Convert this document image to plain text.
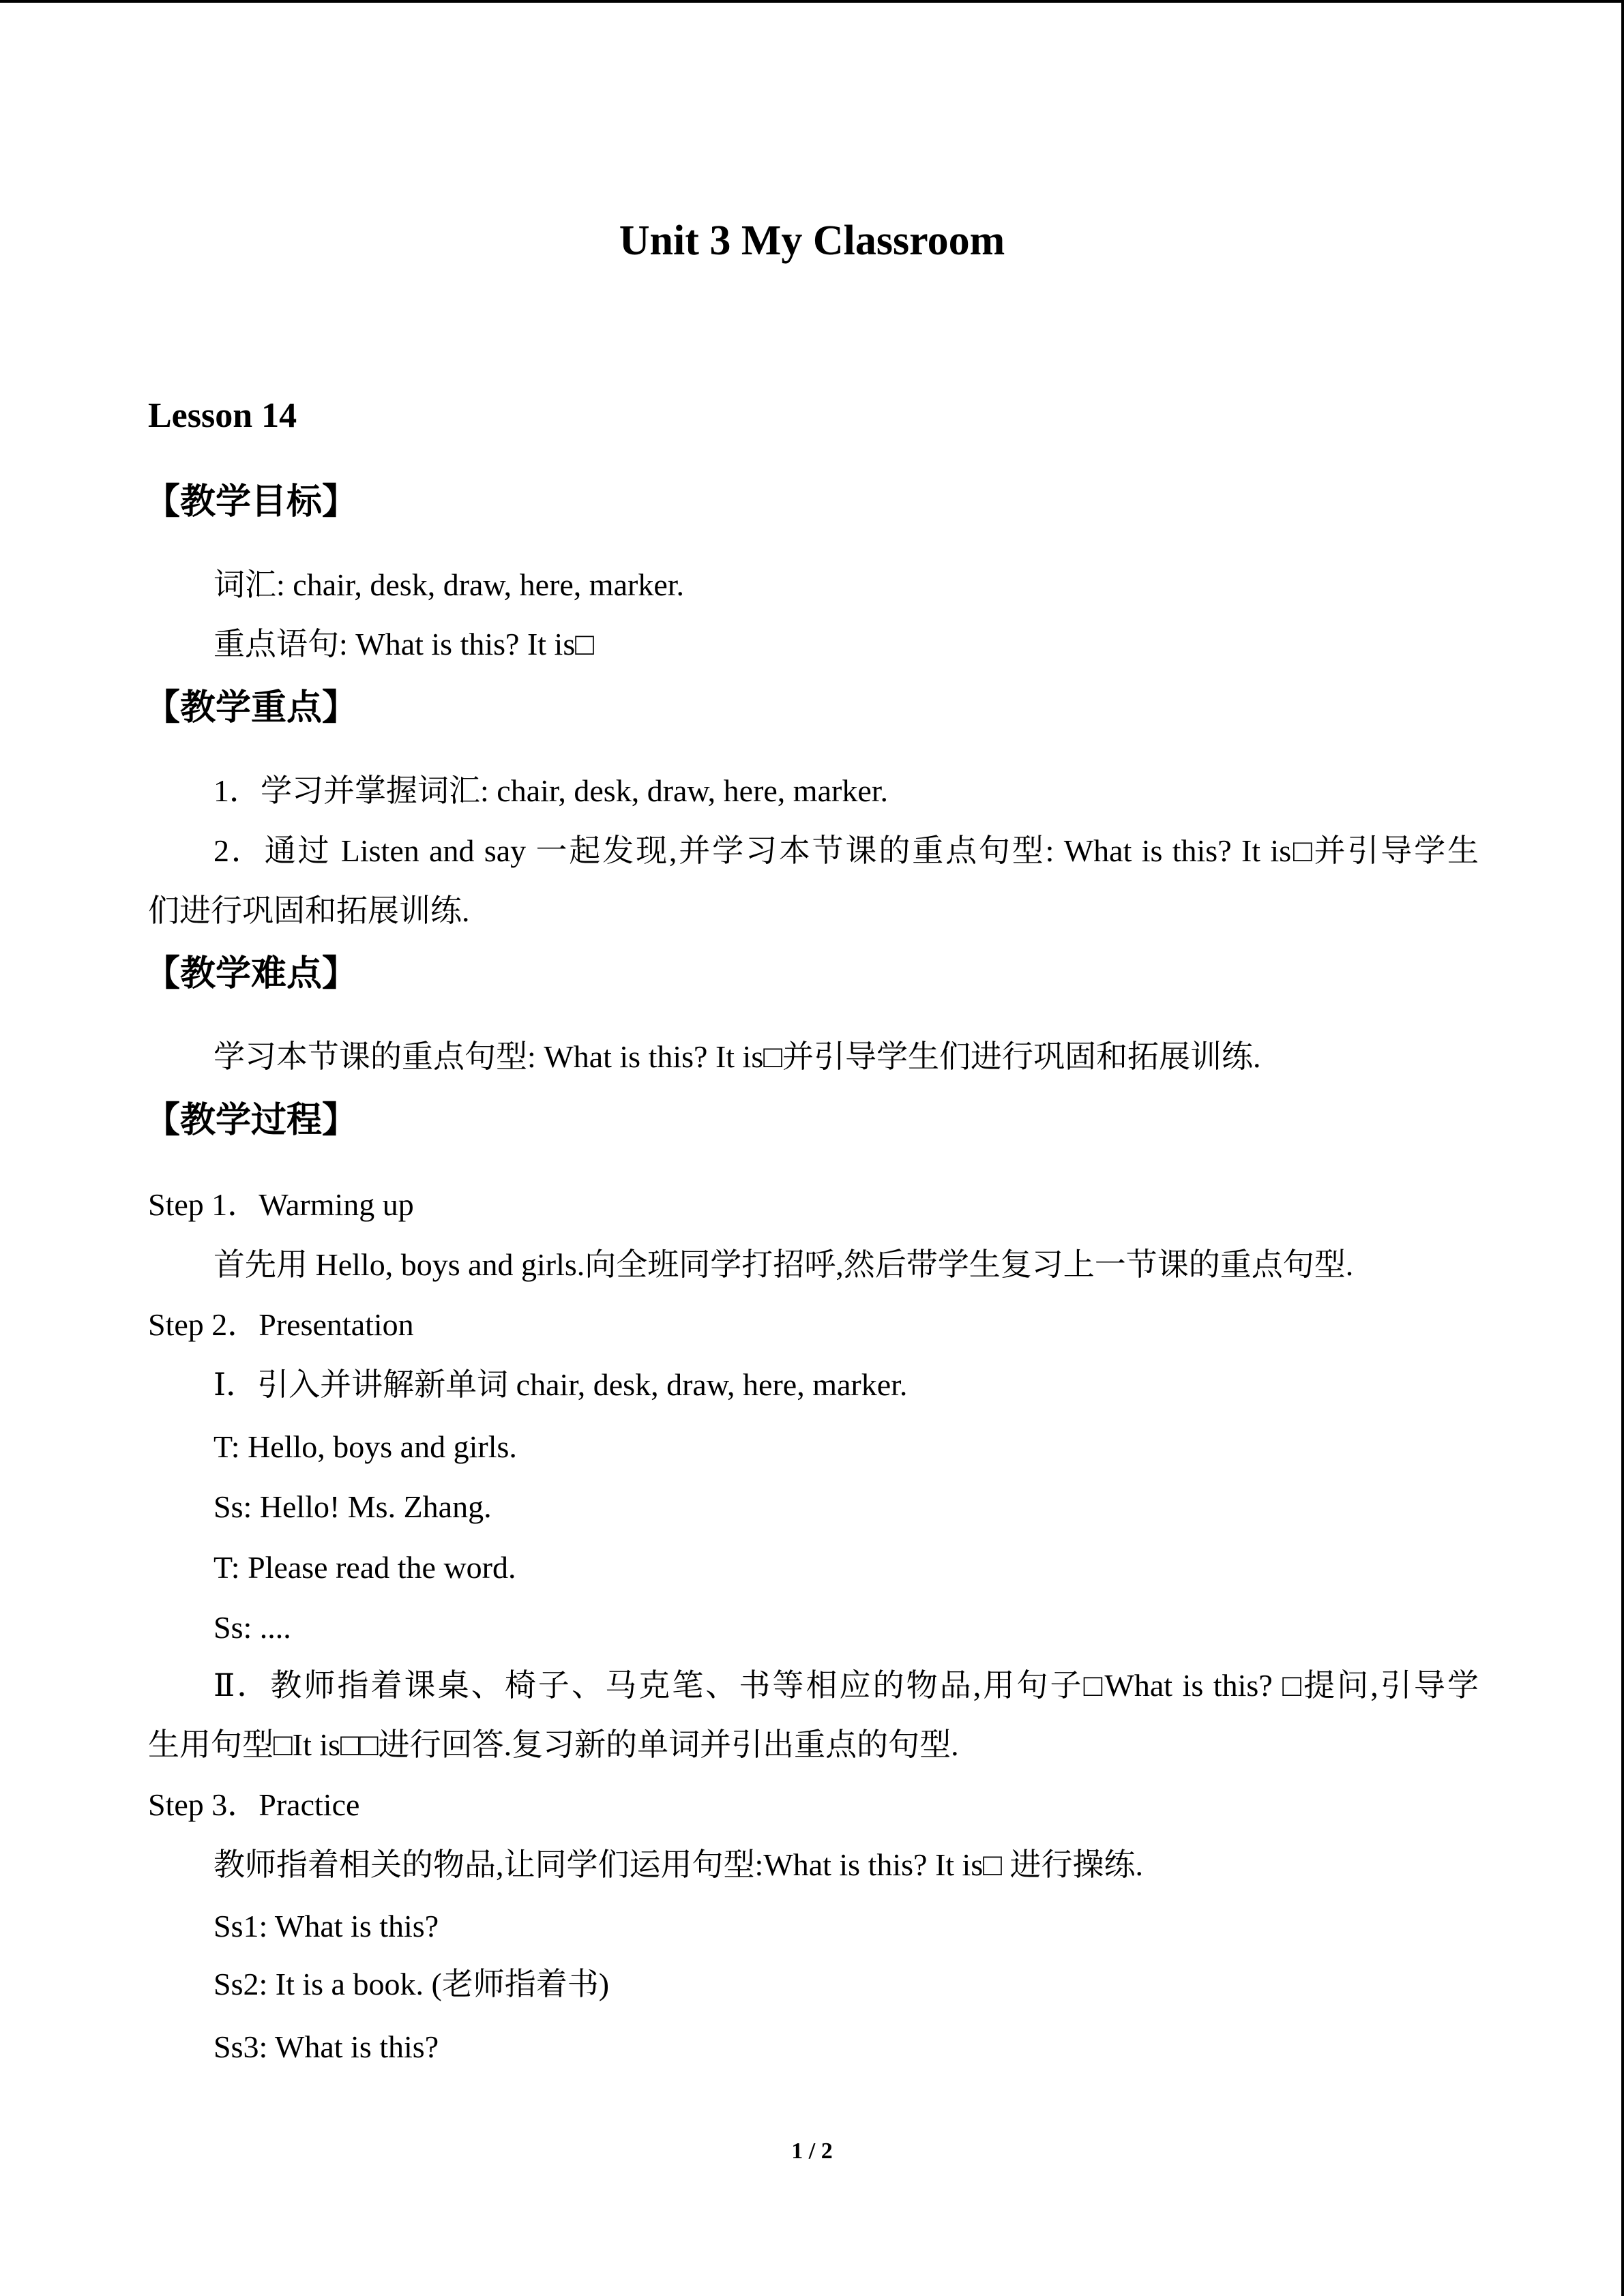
Unit 3 My Classroom
Lesson 14
【教学目标】
词汇: chair, desk, draw, here, marker.
重点语句: What is this? It is□
【教学重点】
1．学习并掌握词汇: chair, desk, draw, here, marker.
2．通过 Listen and say 一起发现,并学习本节课的重点句型: What is this? It is□并引导学生
们进行巩固和拓展训练.
【教学难点】
学习本节课的重点句型: What is this? It is□并引导学生们进行巩固和拓展训练.
【教学过程】
Step 1．Warming up
首先用 Hello, boys and girls.向全班同学打招呼,然后带学生复习上一节课的重点句型.
Step 2．Presentation
Ⅰ．引入并讲解新单词 chair, desk, draw, here, marker.
T: Hello, boys and girls.
Ss: Hello! Ms. Zhang.
T: Please read the word.
Ss: ....
Ⅱ．教师指着课桌、椅子、马克笔、书等相应的物品,用句子□What is this? □提问,引导学
生用句型□It is□□进行回答.复习新的单词并引出重点的句型.
Step 3．Practice
教师指着相关的物品,让同学们运用句型:What is this? It is□ 进行操练.
Ss1: What is this?
Ss2: It is a book. (老师指着书)
Ss3: What is this?
1 / 2
